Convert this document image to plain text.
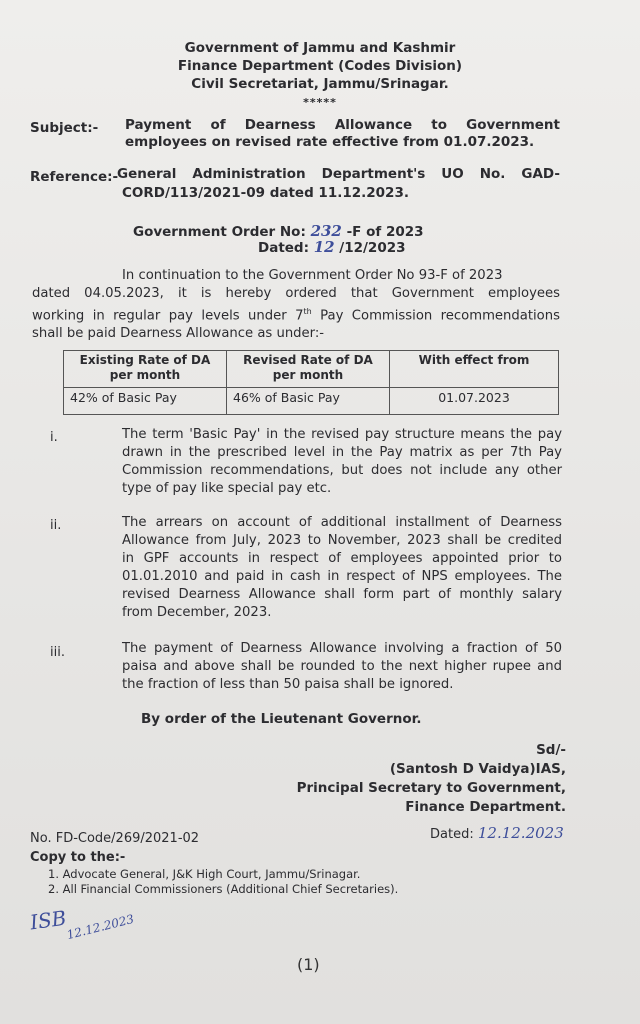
Government of Jammu and Kashmir
Finance Department (Codes Division)
Civil Secretariat, Jammu/Srinagar.
*****
Subject:- Payment of Dearness Allowance to Government
employees on revised rate effective from 01.07.2023.
Reference:-
General Administration Department's UO No. GAD-
CORD/113/2021-09 dated 11.12.2023.
Government Order No: 232 -F of 2023
Dated: 12 /12/2023
In continuation to the Government Order No 93-F of 2023
dated 04.05.2023, it is hereby ordered that Government employees
working in regular pay levels under 7th Pay Commission recommendations
shall be paid Dearness Allowance as under:-
Existing Rate of DA per month	Revised Rate of DA per month	With effect from
42% of Basic Pay	46% of Basic Pay	01.07.2023
i.	The term 'Basic Pay' in the revised pay structure means the pay
drawn in the prescribed level in the Pay matrix as per 7th Pay
Commission recommendations, but does not include any other
type of pay like special pay etc.
ii.	The arrears on account of additional installment of Dearness
Allowance from July, 2023 to November, 2023 shall be credited
in GPF accounts in respect of employees appointed prior to
01.01.2010 and paid in cash in respect of NPS employees. The
revised Dearness Allowance shall form part of monthly salary
from December, 2023.
iii.	The payment of Dearness Allowance involving a fraction of 50
paisa and above shall be rounded to the next higher rupee and
the fraction of less than 50 paisa shall be ignored.
By order of the Lieutenant Governor.
Sd/-
(Santosh D Vaidya)IAS,
Principal Secretary to Government,
Finance Department.
No. FD-Code/269/2021-02	Dated: 12.12.2023
Copy to the:-
1. Advocate General, J&K High Court, Jammu/Srinagar.
2. All Financial Commissioners (Additional Chief Secretaries).
ISB
12.12.2023
(1)
